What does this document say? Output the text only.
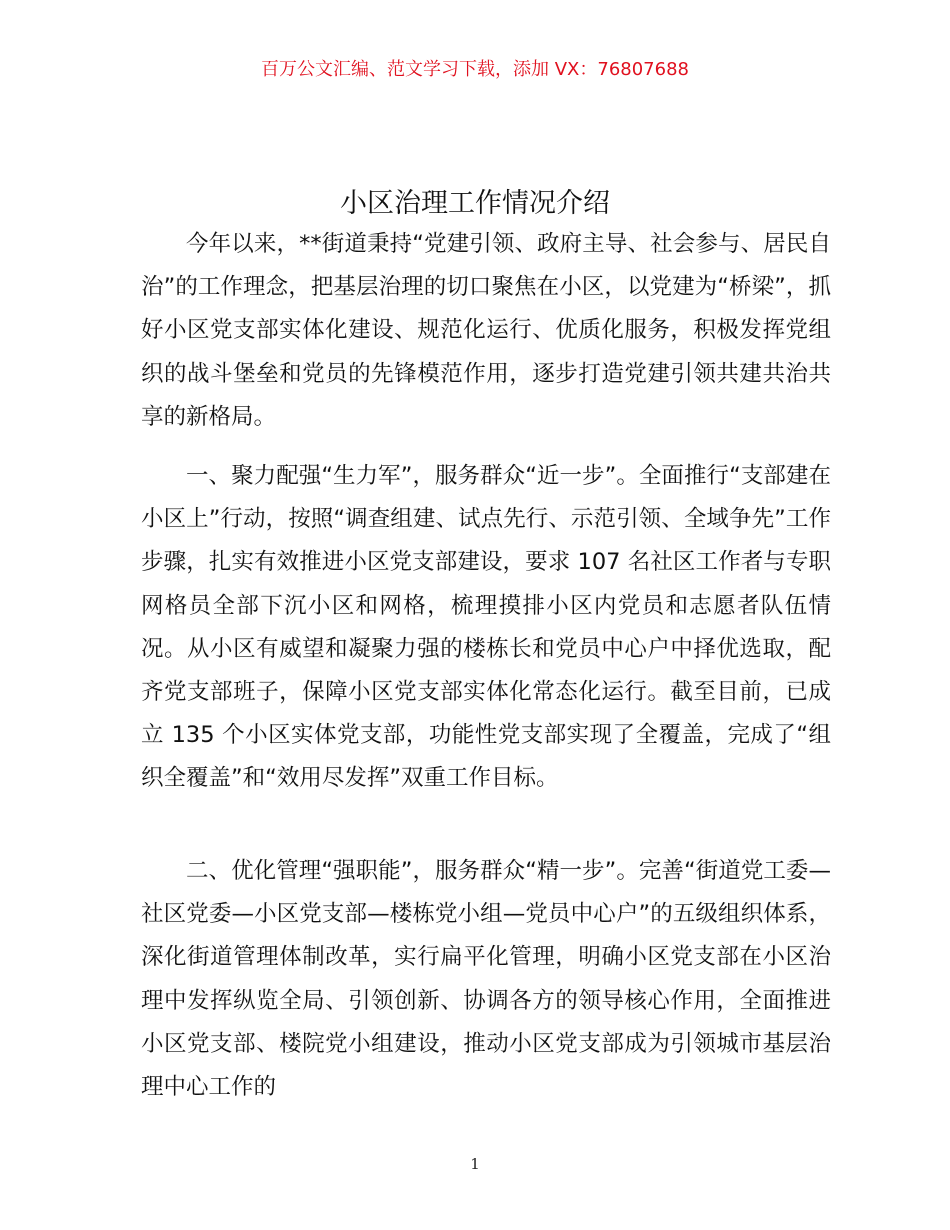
百万公文汇编、范文学习下载，添加 VX：76807688
小区治理工作情况介绍

今年以来，**街道秉持“党建引领、政府主导、社会参与、居民自治”的工作理念，把基层治理的切口聚焦在小区，以党建为“桥梁”，抓好小区党支部实体化建设、规范化运行、优质化服务，积极发挥党组织的战斗堡垒和党员的先锋模范作用，逐步打造党建引领共建共治共享的新格局。

一、聚力配强“生力军”，服务群众“近一步”。全面推行“支部建在小区上”行动，按照“调查组建、试点先行、示范引领、全域争先”工作步骤，扎实有效推进小区党支部建设，要求 107 名社区工作者与专职网格员全部下沉小区和网格，梳理摸排小区内党员和志愿者队伍情况。从小区有威望和凝聚力强的楼栋长和党员中心户中择优选取，配齐党支部班子，保障小区党支部实体化常态化运行。截至目前，已成立 135 个小区实体党支部，功能性党支部实现了全覆盖，完成了“组织全覆盖”和“效用尽发挥”双重工作目标。

二、优化管理“强职能”，服务群众“精一步”。完善“街道党工委—社区党委—小区党支部—楼栋党小组—党员中心户”的五级组织体系，深化街道管理体制改革，实行扁平化管理，明确小区党支部在小区治理中发挥纵览全局、引领创新、协调各方的领导核心作用，全面推进小区党支部、楼院党小组建设，推动小区党支部成为引领城市基层治理中心工作的

1
